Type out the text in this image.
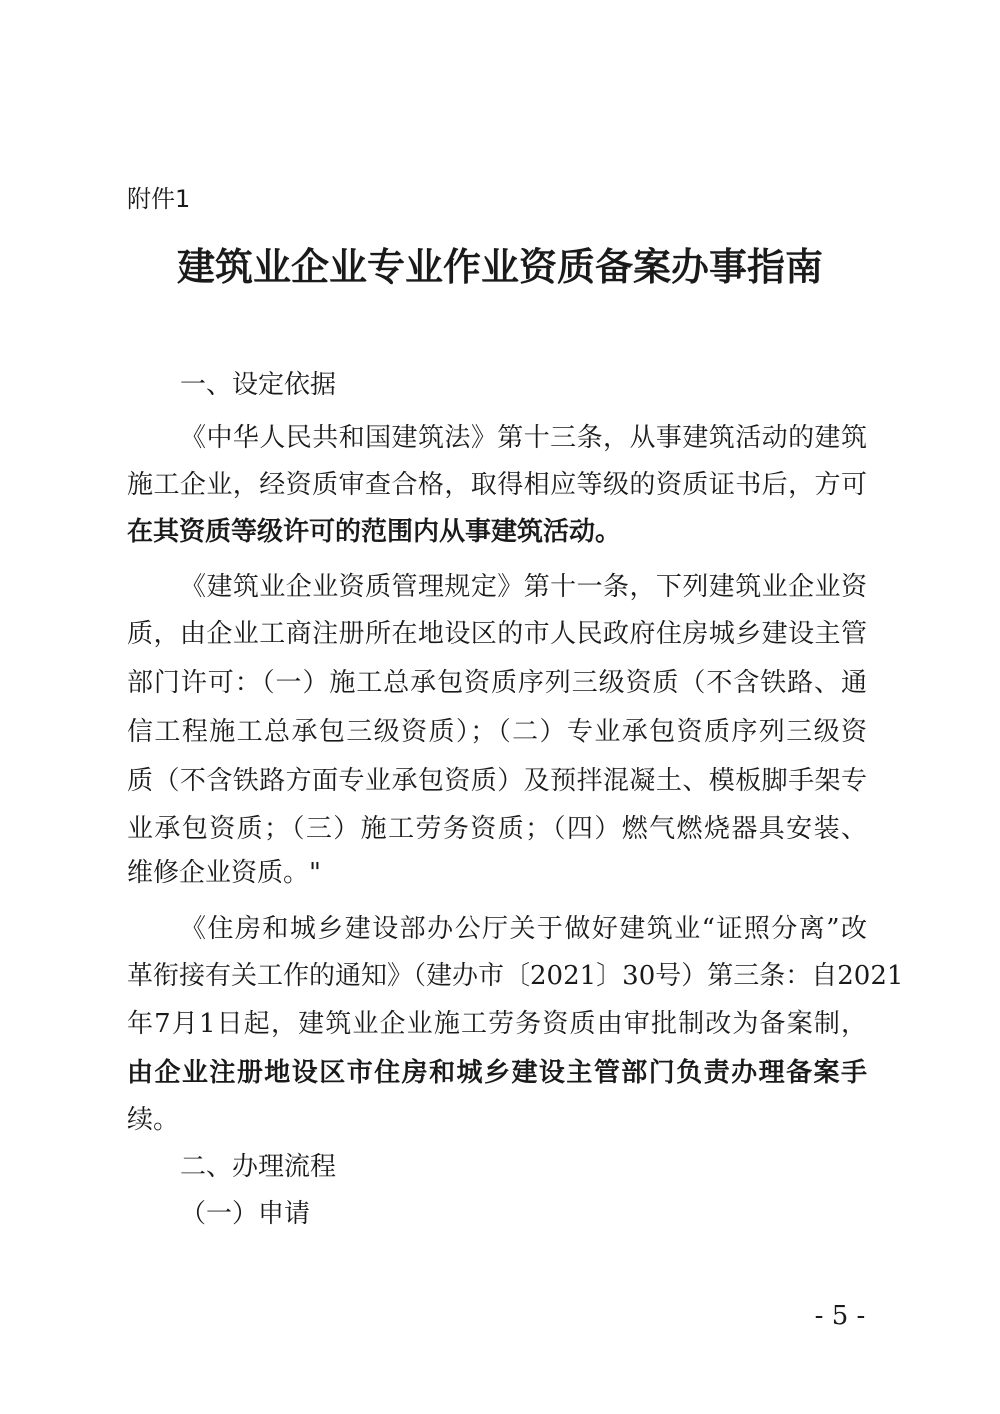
附件1
建筑业企业专业作业资质备案办事指南
一、设定依据
《中华人民共和国建筑法》第十三条，从事建筑活动的建筑
施工企业，经资质审查合格，取得相应等级的资质证书后，方可
在其资质等级许可的范围内从事建筑活动。
《建筑业企业资质管理规定》第十一条，下列建筑业企业资
质，由企业工商注册所在地设区的市人民政府住房城乡建设主管
部门许可：（一）施工总承包资质序列三级资质（不含铁路、通
信工程施工总承包三级资质）；（二）专业承包资质序列三级资
质（不含铁路方面专业承包资质）及预拌混凝土、模板脚手架专
业承包资质；（三）施工劳务资质；（四）燃气燃烧器具安装、
维修企业资质。"
《住房和城乡建设部办公厅关于做好建筑业“证照分离”改
革衔接有关工作的通知》（建办市〔2021〕30号）第三条：自2021
年7月1日起，建筑业企业施工劳务资质由审批制改为备案制，
由企业注册地设区市住房和城乡建设主管部门负责办理备案手
续。
二、办理流程
（一）申请
- 5 -
